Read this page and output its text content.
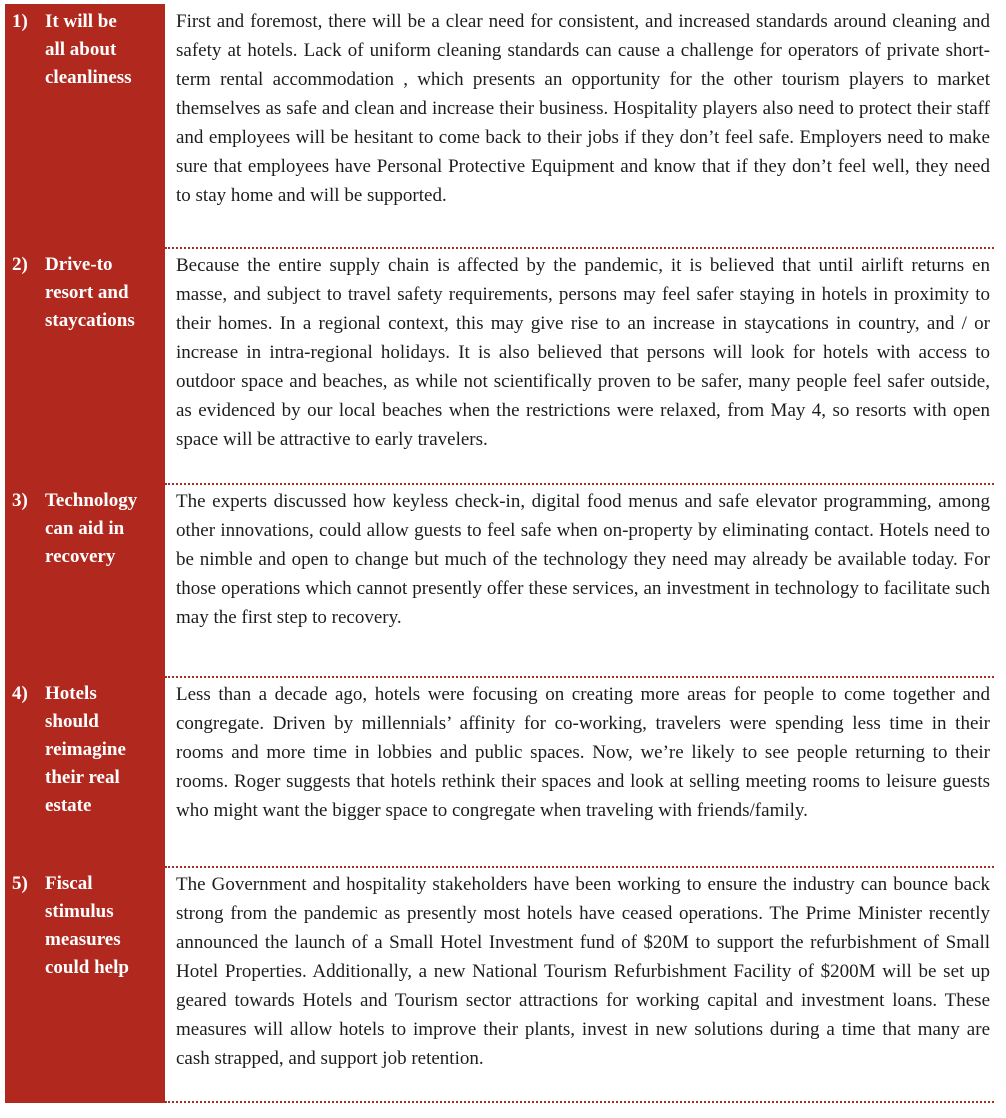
1) It will be
all about
cleanliness
First and foremost, there will be a clear need for consistent, and increased standards around cleaning and safety at hotels. Lack of uniform cleaning standards can cause a challenge for operators of private short-term rental accommodation , which presents an opportunity for the other tourism players to market themselves as safe and clean and increase their business. Hospitality players also need to protect their staff and employees will be hesitant to come back to their jobs if they don’t feel safe. Employers need to make sure that employees have Personal Protective Equipment and know that if they don’t feel well, they need to stay home and will be supported.
2) Drive-to
resort and
staycations
Because the entire supply chain is affected by the pandemic, it is believed that until airlift returns en masse, and subject to travel safety requirements, persons may feel safer staying in hotels in proximity to their homes. In a regional context, this may give rise to an increase in staycations in country, and / or increase in intra-regional holidays. It is also believed that persons will look for hotels with access to outdoor space and beaches, as while not scientifically proven to be safer, many people feel safer outside, as evidenced by our local beaches when the restrictions were relaxed, from May 4, so resorts with open space will be attractive to early travelers.
3) Technology
can aid in
recovery
The experts discussed how keyless check-in, digital food menus and safe elevator programming, among other innovations, could allow guests to feel safe when on-property by eliminating contact. Hotels need to be nimble and open to change but much of the technology they need may already be available today. For those operations which cannot presently offer these services, an investment in technology to facilitate such may the first step to recovery.
4) Hotels
should
reimagine
their real
estate
Less than a decade ago, hotels were focusing on creating more areas for people to come together and congregate. Driven by millennials’ affinity for co-working, travelers were spending less time in their rooms and more time in lobbies and public spaces. Now, we’re likely to see people returning to their rooms. Roger suggests that hotels rethink their spaces and look at selling meeting rooms to leisure guests who might want the bigger space to congregate when traveling with friends/family.
5) Fiscal
stimulus
measures
could help
The Government and hospitality stakeholders have been working to ensure the industry can bounce back strong from the pandemic as presently most hotels have ceased operations. The Prime Minister recently announced the launch of a Small Hotel Investment fund of $20M to support the refurbishment of Small Hotel Properties. Additionally, a new National Tourism Refurbishment Facility of $200M will be set up geared towards Hotels and Tourism sector attractions for working capital and investment loans. These measures will allow hotels to improve their plants, invest in new solutions during a time that many are cash strapped, and support job retention.
